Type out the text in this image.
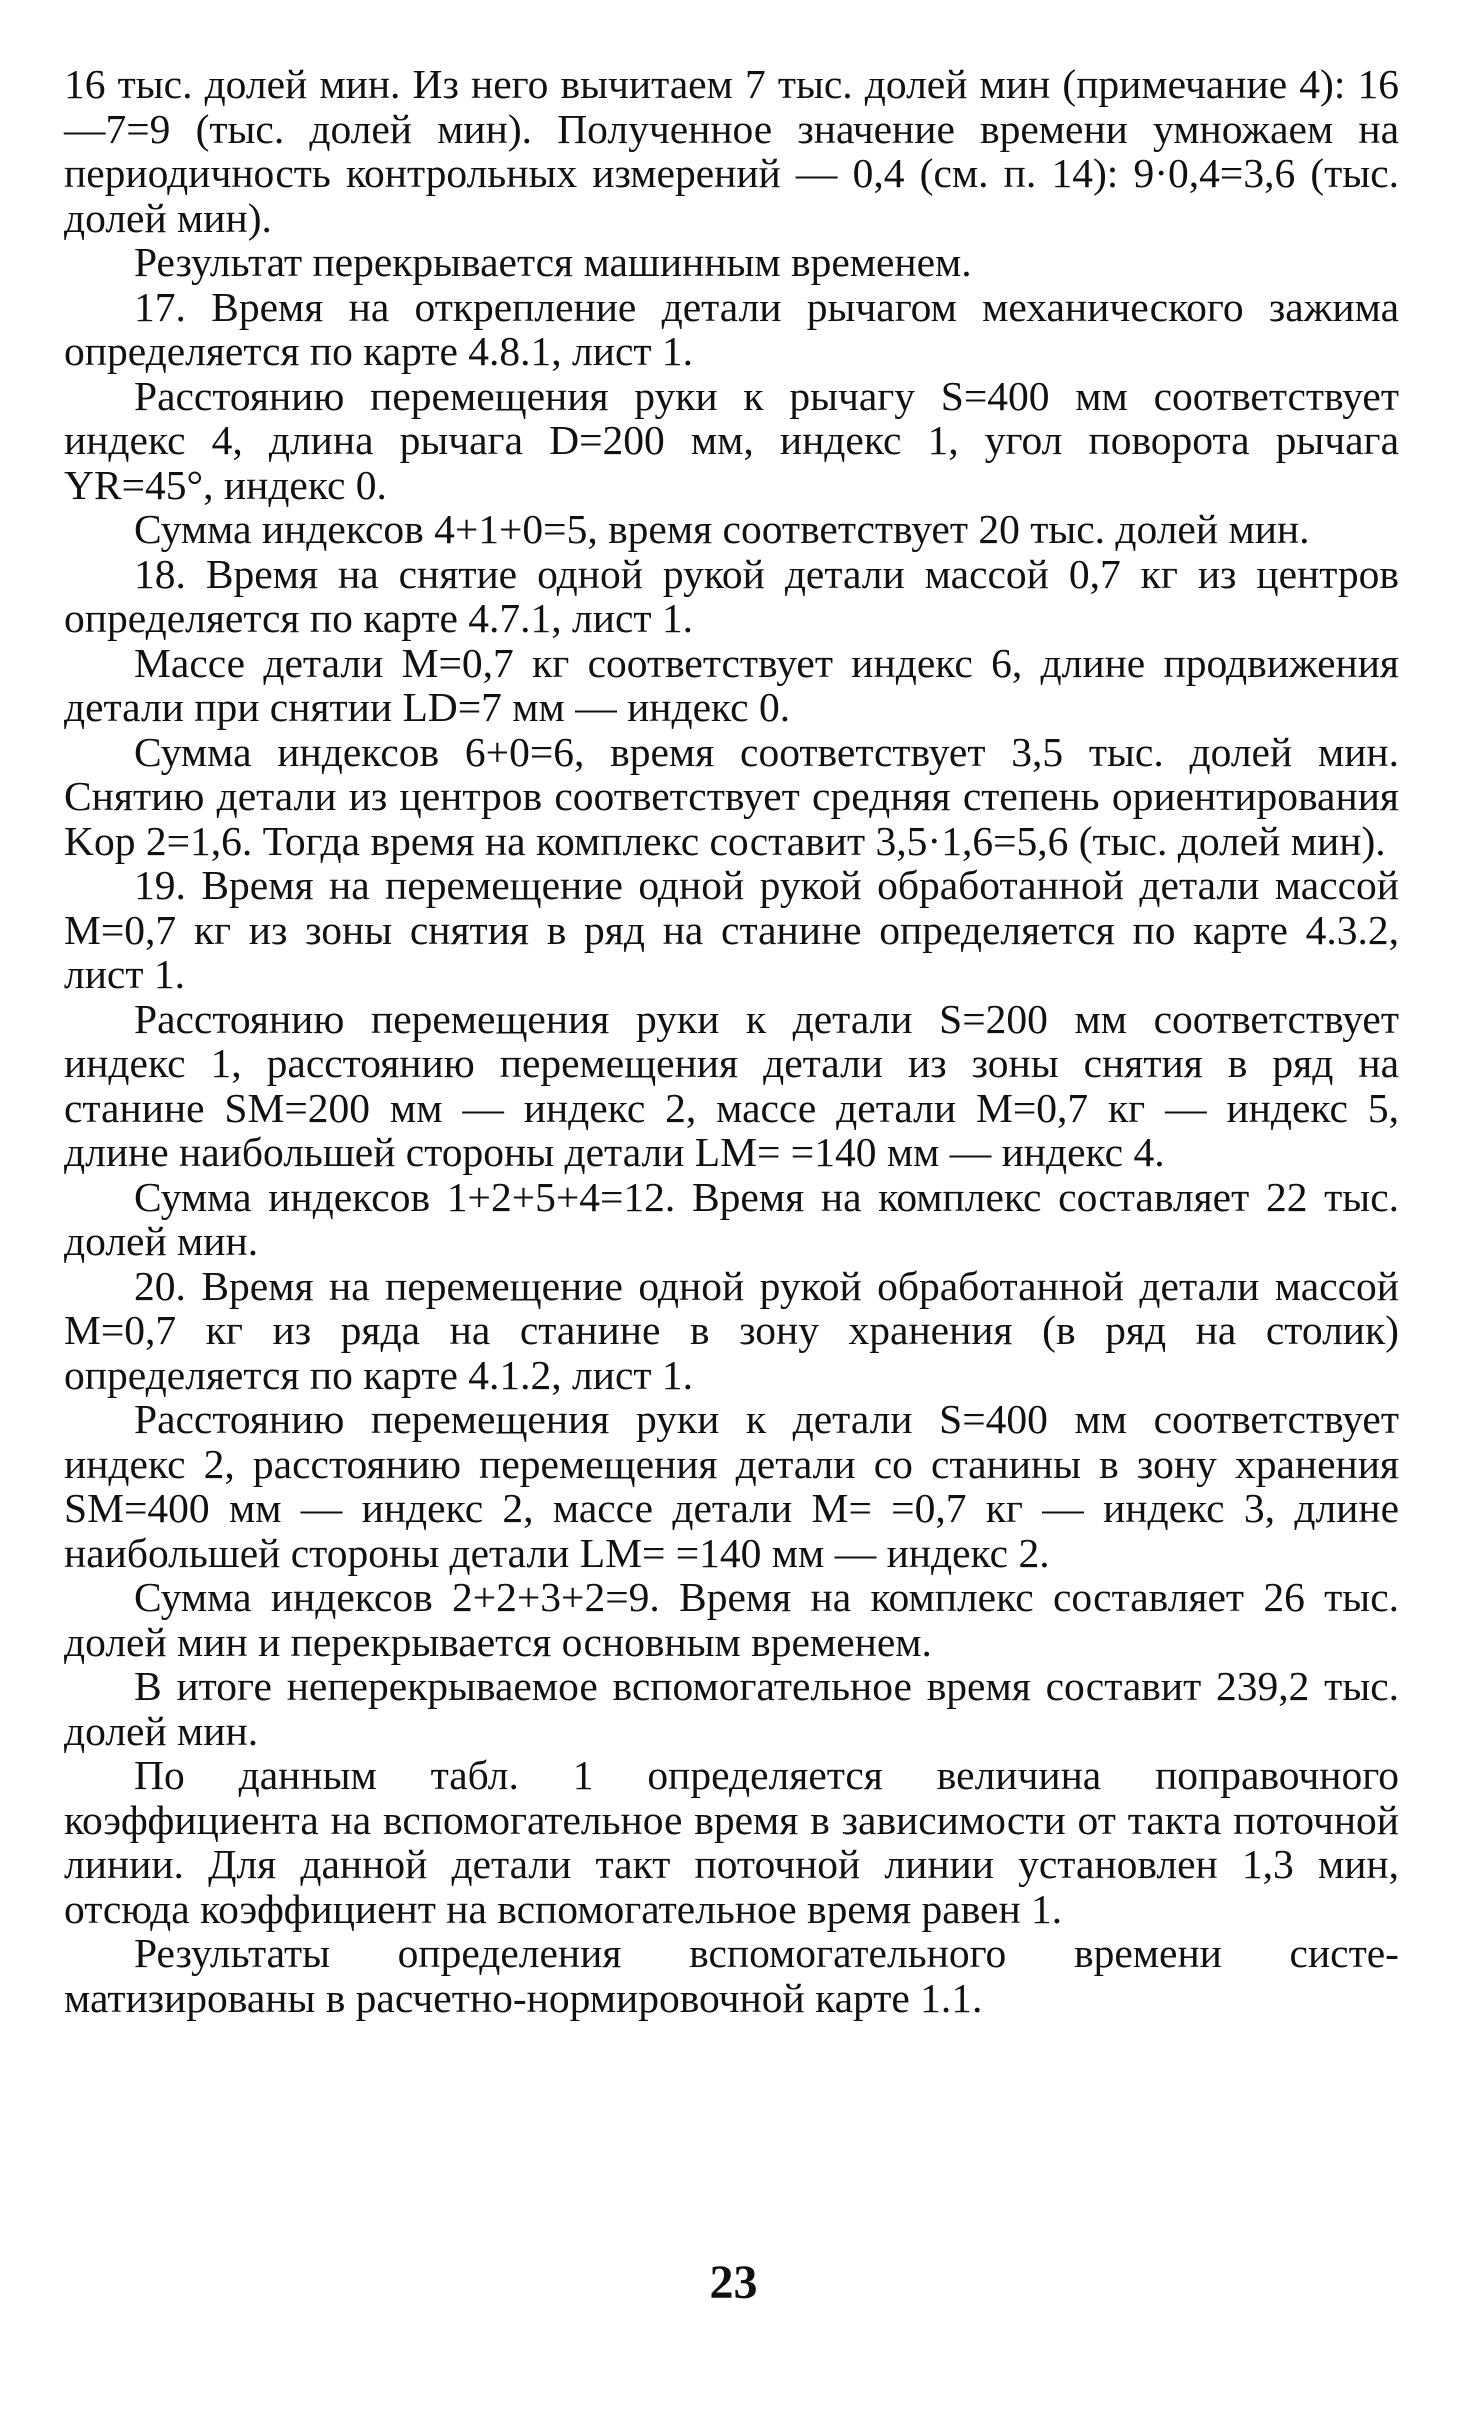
16 тыс. долей мин. Из него вычитаем 7 тыс. долей мин (примечание 4): 16—7=9 (тыс. долей мин). Полученное значение времени умножаем на периодичность контрольных измерений — 0,4 (см. п. 14): 9·0,4=3,6 (тыс. долей мин).

Результат перекрывается машинным временем.

17. Время на открепление детали рычагом механического зажима определяется по карте 4.8.1, лист 1.

Расстоянию перемещения руки к рычагу S=400 мм соответствует индекс 4, длина рычага D=200 мм, индекс 1, угол поворота рычага YR=45°, индекс 0.

Сумма индексов 4+1+0=5, время соответствует 20 тыс. долей мин.

18. Время на снятие одной рукой детали массой 0,7 кг из центров определяется по карте 4.7.1, лист 1.

Массе детали M=0,7 кг соответствует индекс 6, длине продвижения детали при снятии LD=7 мм — индекс 0.

Сумма индексов 6+0=6, время соответствует 3,5 тыс. долей мин. Снятию детали из центров соответствует средняя степень ориентирования Kор 2=1,6. Тогда время на комплекс составит 3,5·1,6=5,6 (тыс. долей мин).

19. Время на перемещение одной рукой обработанной детали массой M=0,7 кг из зоны снятия в ряд на станине определяется по карте 4.3.2, лист 1.

Расстоянию перемещения руки к детали S=200 мм соответствует индекс 1, расстоянию перемещения детали из зоны снятия в ряд на станине SM=200 мм — индекс 2, массе детали M=0,7 кг — индекс 5, длине наибольшей стороны детали LM= =140 мм — индекс 4.

Сумма индексов 1+2+5+4=12. Время на комплекс составляет 22 тыс. долей мин.

20. Время на перемещение одной рукой обработанной детали массой M=0,7 кг из ряда на станине в зону хранения (в ряд на столик) определяется по карте 4.1.2, лист 1.

Расстоянию перемещения руки к детали S=400 мм соответствует индекс 2, расстоянию перемещения детали со станины в зону хранения SM=400 мм — индекс 2, массе детали M= =0,7 кг — индекс 3, длине наибольшей стороны детали LM= =140 мм — индекс 2.

Сумма индексов 2+2+3+2=9. Время на комплекс составляет 26 тыс. долей мин и перекрывается основным временем.

В итоге неперекрываемое вспомогательное время составит 239,2 тыс. долей мин.

По данным табл. 1 определяется величина поправочного коэффициента на вспомогательное время в зависимости от такта поточной линии. Для данной детали такт поточной линии установлен 1,3 мин, отсюда коэффициент на вспомогательное время равен 1.

Результаты определения вспомогательного времени систематизированы в расчетно-нормировочной карте 1.1.

23
